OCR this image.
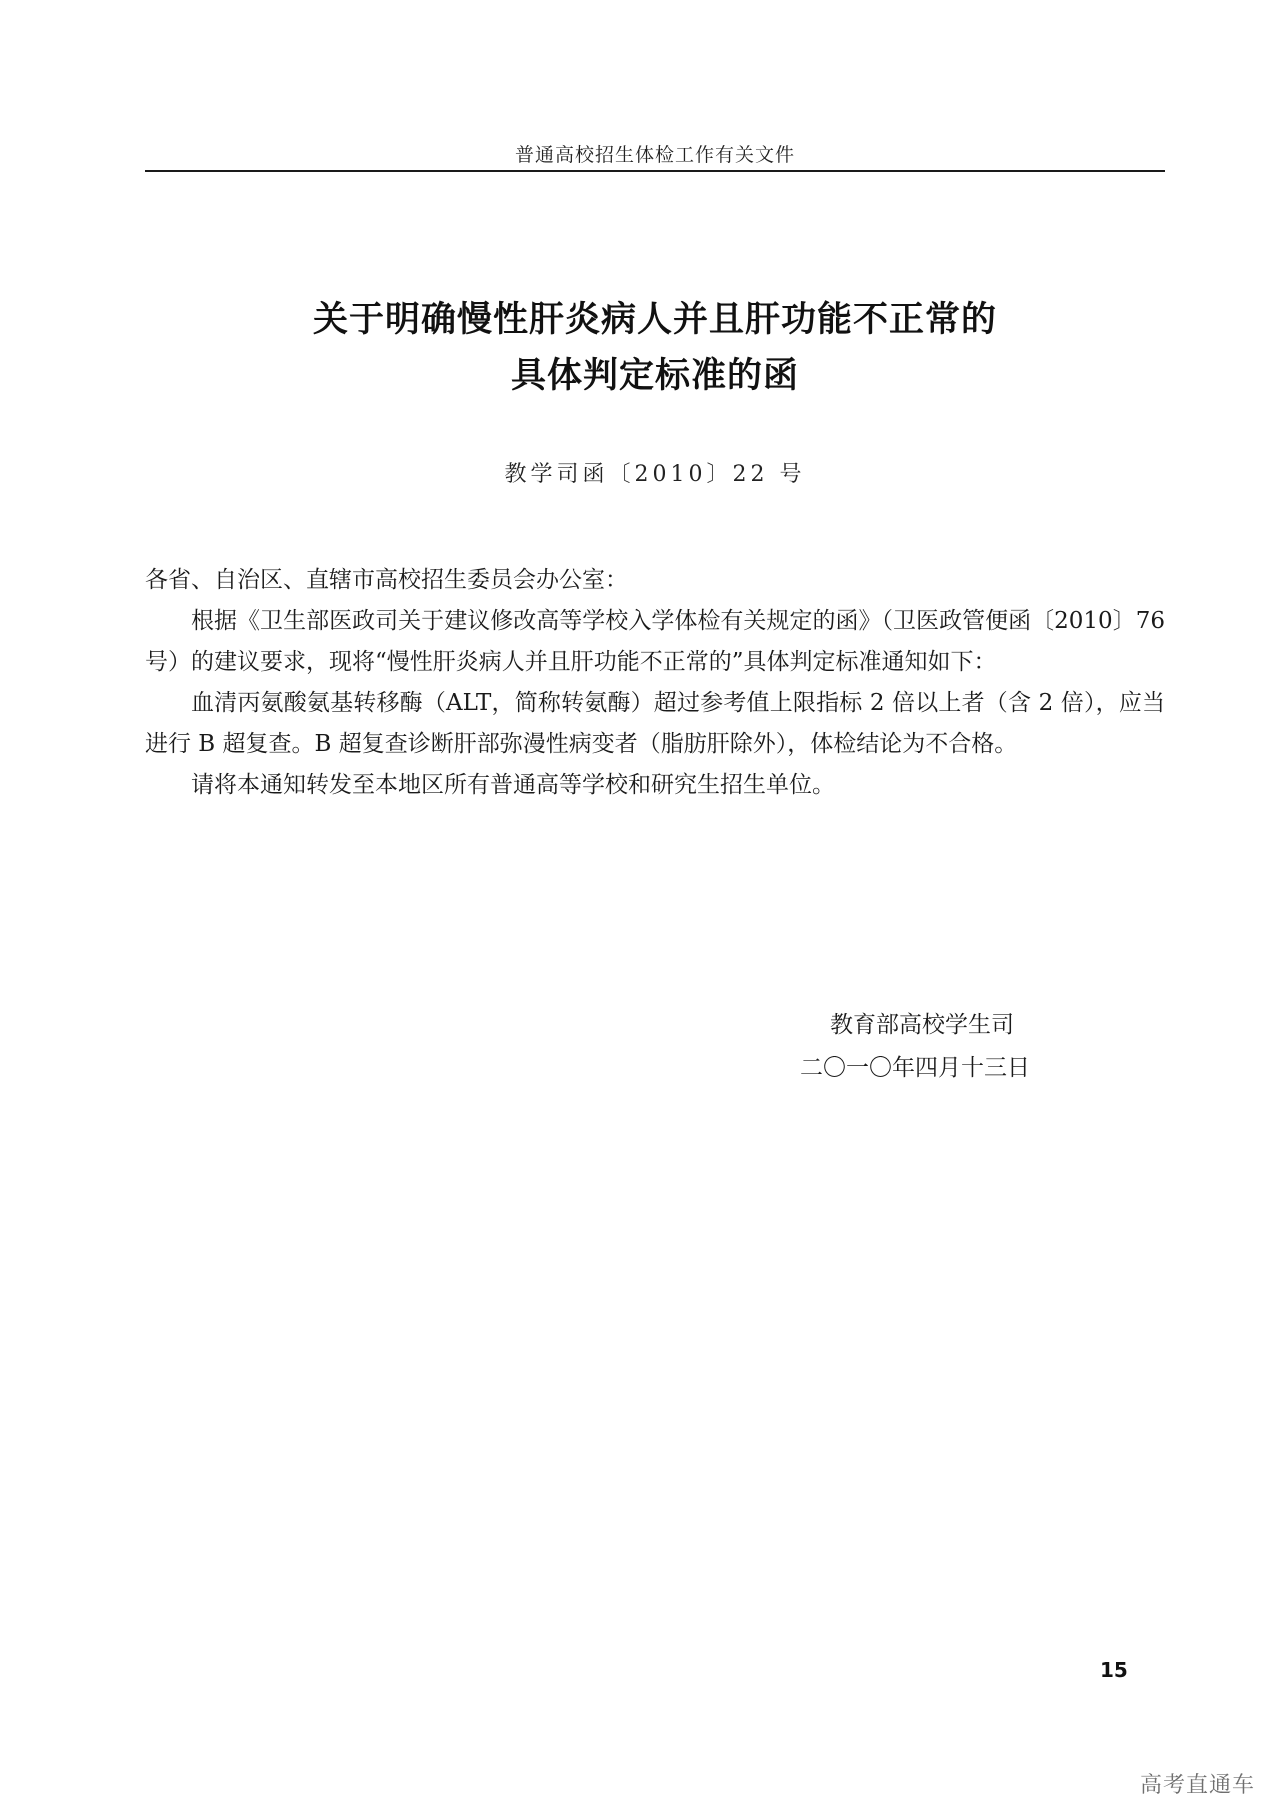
普通高校招生体检工作有关文件
关于明确慢性肝炎病人并且肝功能不正常的
具体判定标准的函
教学司函〔2010〕22 号

各省、自治区、直辖市高校招生委员会办公室：

根据《卫生部医政司关于建议修改高等学校入学体检有关规定的函》（卫医政管便函〔2010〕76 号）的建议要求，现将“慢性肝炎病人并且肝功能不正常的”具体判定标准通知如下：

血清丙氨酸氨基转移酶（ALT，简称转氨酶）超过参考值上限指标 2 倍以上者（含 2 倍），应当进行 B 超复查。B 超复查诊断肝部弥漫性病变者（脂肪肝除外），体检结论为不合格。

请将本通知转发至本地区所有普通高等学校和研究生招生单位。

教育部高校学生司
二〇一〇年四月十三日
15
高考直通车
